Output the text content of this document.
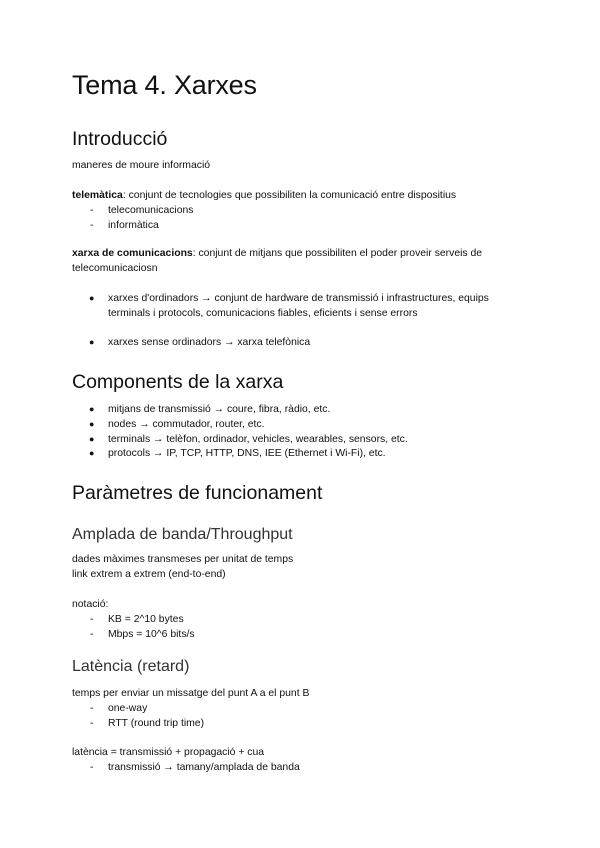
Tema 4. Xarxes
Introducció
maneres de moure informació
telemàtica: conjunt de tecnologies que possibiliten la comunicació entre dispositius
- telecomunicacions
- informàtica
xarxa de comunicacions: conjunt de mitjans que possibiliten el poder proveir serveis de
telecomunicaciosn
● xarxes d'ordinadors → conjunt de hardware de transmissió i infrastructures, equips
terminals i protocols, comunicacions fiables, eficients i sense errors
● xarxes sense ordinadors → xarxa telefònica
Components de la xarxa
● mitjans de transmissió → coure, fibra, ràdio, etc.
● nodes → commutador, router, etc.
● terminals → telèfon, ordinador, vehicles, wearables, sensors, etc.
● protocols → IP, TCP, HTTP, DNS, IEE (Ethernet i Wi-Fi), etc.
Paràmetres de funcionament
Amplada de banda/Throughput
dades màximes transmeses per unitat de temps
link extrem a extrem (end-to-end)
notació:
- KB = 2^10 bytes
- Mbps = 10^6 bits/s
Latència (retard)
temps per enviar un missatge del punt A a el punt B
- one-way
- RTT (round trip time)
latència = transmissió + propagació + cua
- transmissió → tamany/amplada de banda
